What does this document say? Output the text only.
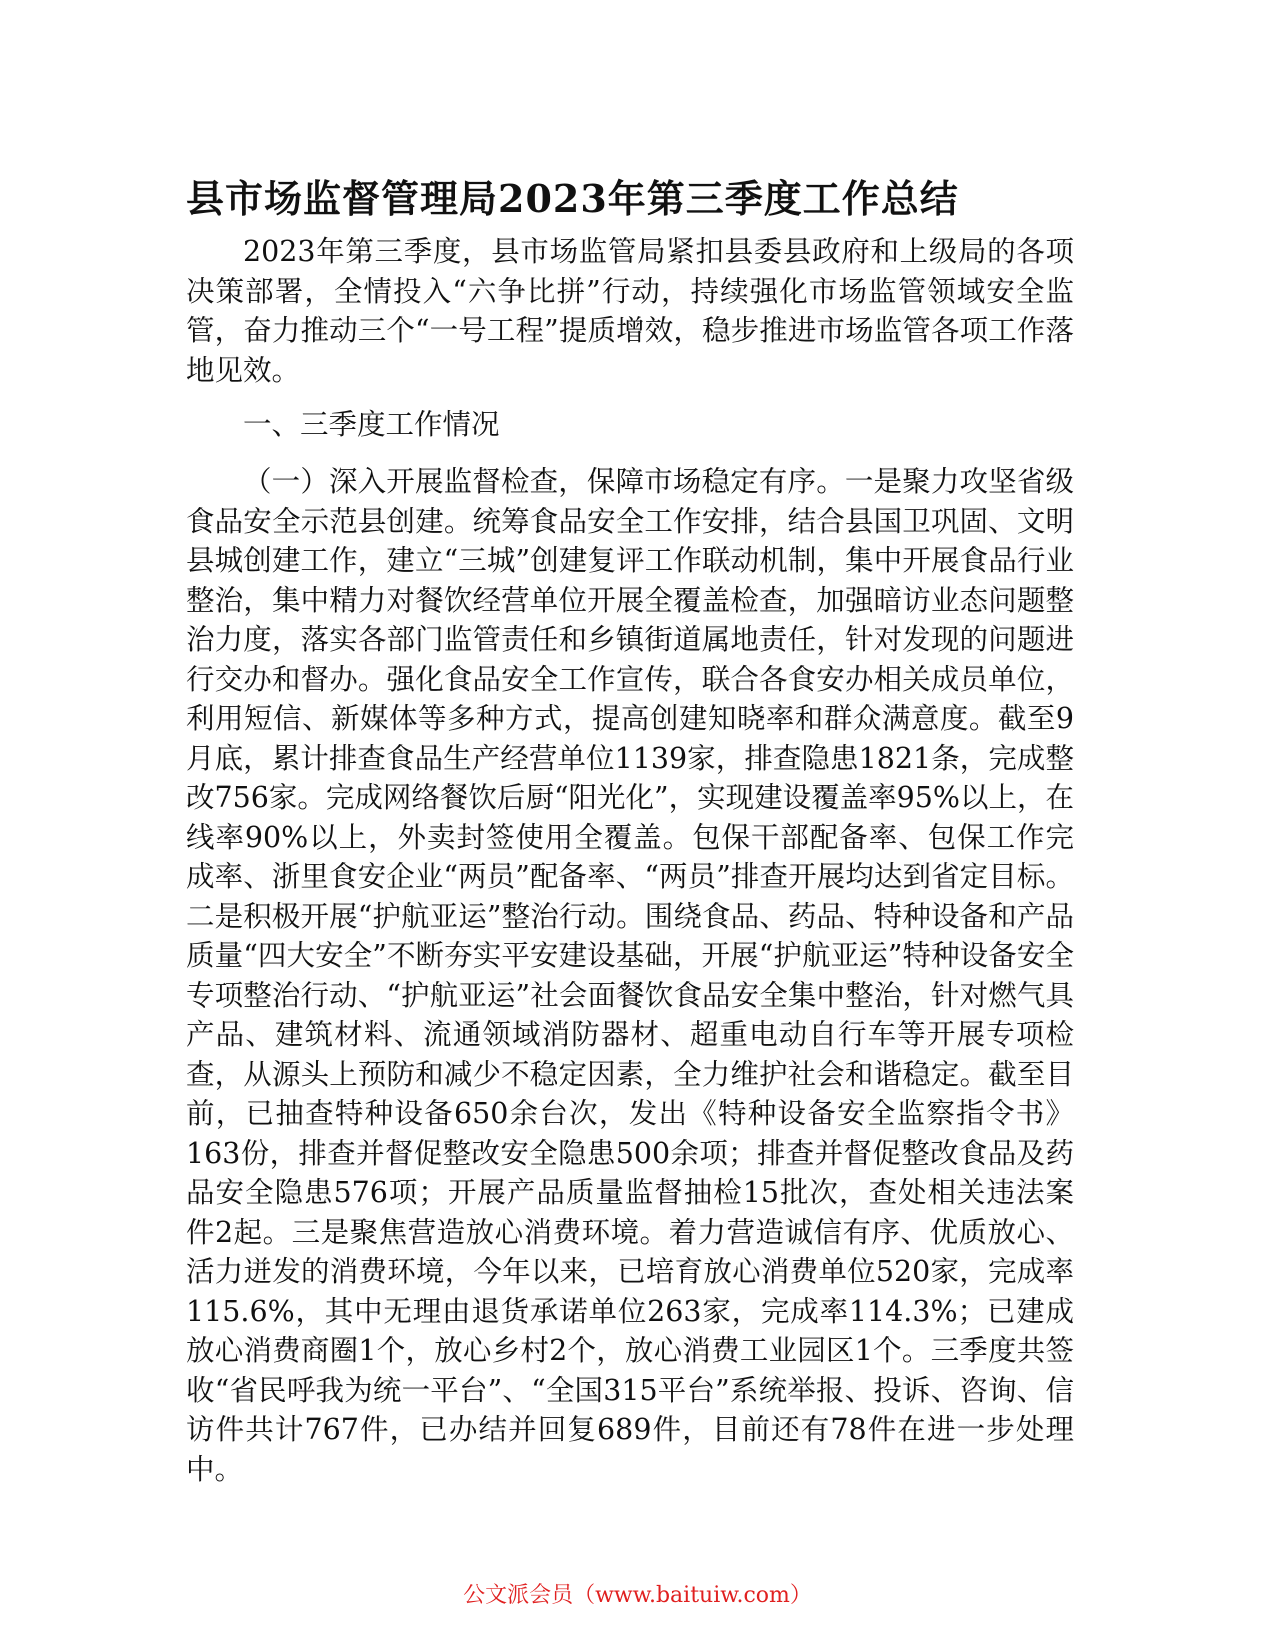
县市场监督管理局2023年第三季度工作总结

2023年第三季度，县市场监管局紧扣县委县政府和上级局的各项决策部署，全情投入“六争比拼”行动，持续强化市场监管领域安全监管，奋力推动三个“一号工程”提质增效，稳步推进市场监管各项工作落地见效。

一、三季度工作情况

（一）深入开展监督检查，保障市场稳定有序。一是聚力攻坚省级食品安全示范县创建。统筹食品安全工作安排，结合县国卫巩固、文明县城创建工作，建立“三城”创建复评工作联动机制，集中开展食品行业整治，集中精力对餐饮经营单位开展全覆盖检查，加强暗访业态问题整治力度，落实各部门监管责任和乡镇街道属地责任，针对发现的问题进行交办和督办。强化食品安全工作宣传，联合各食安办相关成员单位，利用短信、新媒体等多种方式，提高创建知晓率和群众满意度。截至9月底，累计排查食品生产经营单位1139家，排查隐患1821条，完成整改756家。完成网络餐饮后厨“阳光化”，实现建设覆盖率95%以上，在线率90%以上，外卖封签使用全覆盖。包保干部配备率、包保工作完成率、浙里食安企业“两员”配备率、“两员”排查开展均达到省定目标。二是积极开展“护航亚运”整治行动。围绕食品、药品、特种设备和产品质量“四大安全”不断夯实平安建设基础，开展“护航亚运”特种设备安全专项整治行动、“护航亚运”社会面餐饮食品安全集中整治，针对燃气具产品、建筑材料、流通领域消防器材、超重电动自行车等开展专项检查，从源头上预防和减少不稳定因素，全力维护社会和谐稳定。截至目前，已抽查特种设备650余台次，发出《特种设备安全监察指令书》163份，排查并督促整改安全隐患500余项；排查并督促整改食品及药品安全隐患576项；开展产品质量监督抽检15批次，查处相关违法案件2起。三是聚焦营造放心消费环境。着力营造诚信有序、优质放心、活力迸发的消费环境，今年以来，已培育放心消费单位520家，完成率115.6%，其中无理由退货承诺单位263家，完成率114.3%；已建成放心消费商圈1个，放心乡村2个，放心消费工业园区1个。三季度共签收“省民呼我为统一平台”、“全国315平台”系统举报、投诉、咨询、信访件共计767件，已办结并回复689件，目前还有78件在进一步处理中。

公文派会员（www.baituiw.com）
